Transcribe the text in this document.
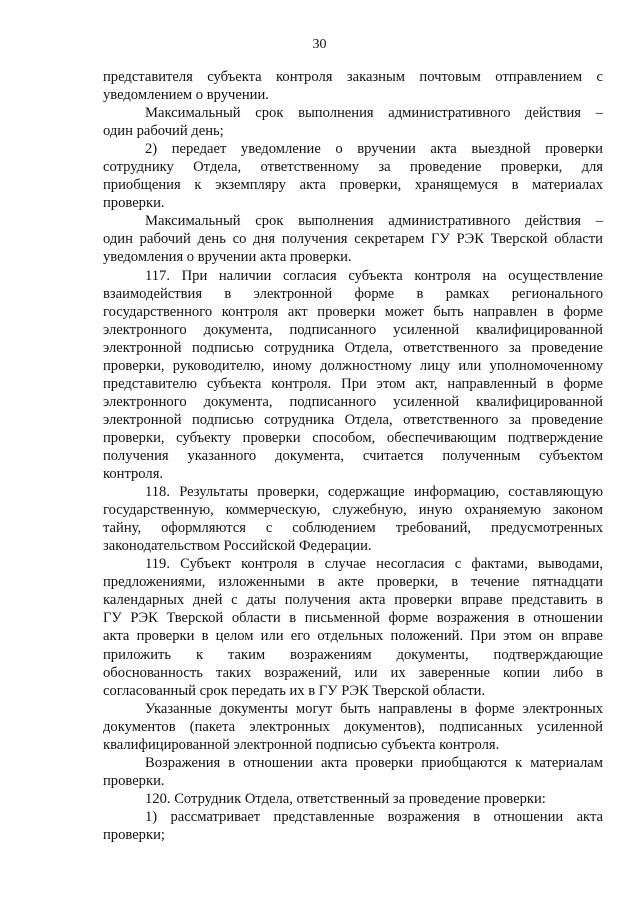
30
представителя субъекта контроля заказным почтовым отправлением с
уведомлением о вручении.
Максимальный срок выполнения административного действия –
один рабочий день;
2) передает уведомление о вручении акта выездной проверки
сотруднику Отдела, ответственному за проведение проверки, для
приобщения к экземпляру акта проверки, хранящемуся в материалах
проверки.
Максимальный срок выполнения административного действия –
один рабочий день со дня получения секретарем ГУ РЭК Тверской области
уведомления о вручении акта проверки.
117. При наличии согласия субъекта контроля на осуществление
взаимодействия в электронной форме в рамках регионального
государственного контроля акт проверки может быть направлен в форме
электронного документа, подписанного усиленной квалифицированной
электронной подписью сотрудника Отдела, ответственного за проведение
проверки, руководителю, иному должностному лицу или уполномоченному
представителю субъекта контроля. При этом акт, направленный в форме
электронного документа, подписанного усиленной квалифицированной
электронной подписью сотрудника Отдела, ответственного за проведение
проверки, субъекту проверки способом, обеспечивающим подтверждение
получения указанного документа, считается полученным субъектом
контроля.
118. Результаты проверки, содержащие информацию, составляющую
государственную, коммерческую, служебную, иную охраняемую законом
тайну, оформляются с соблюдением требований, предусмотренных
законодательством Российской Федерации.
119. Субъект контроля в случае несогласия с фактами, выводами,
предложениями, изложенными в акте проверки, в течение пятнадцати
календарных дней с даты получения акта проверки вправе представить в
ГУ РЭК Тверской области в письменной форме возражения в отношении
акта проверки в целом или его отдельных положений. При этом он вправе
приложить к таким возражениям документы, подтверждающие
обоснованность таких возражений, или их заверенные копии либо в
согласованный срок передать их в ГУ РЭК Тверской области.
Указанные документы могут быть направлены в форме электронных
документов (пакета электронных документов), подписанных усиленной
квалифицированной электронной подписью субъекта контроля.
Возражения в отношении акта проверки приобщаются к материалам
проверки.
120. Сотрудник Отдела, ответственный за проведение проверки:
1) рассматривает представленные возражения в отношении акта
проверки;
